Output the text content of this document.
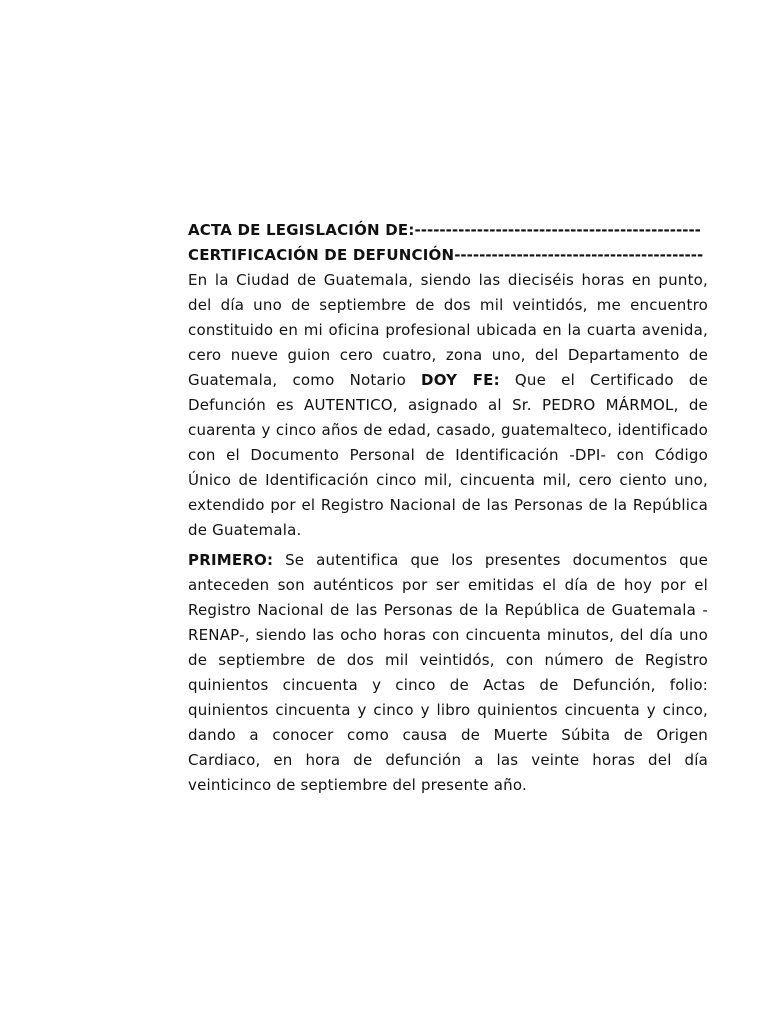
ACTA DE LEGISLACIÓN DE: ----------------------------------------------
CERTIFICACIÓN DE DEFUNCIÓN ----------------------------------------

En la Ciudad de Guatemala, siendo las dieciséis horas en punto, del día uno de septiembre de dos mil veintidós, me encuentro constituido en mi oficina profesional ubicada en la cuarta avenida, cero nueve guion cero cuatro, zona uno, del Departamento de Guatemala, como Notario DOY FE: Que el Certificado de Defunción es AUTENTICO, asignado al Sr. PEDRO MÁRMOL, de cuarenta y cinco años de edad, casado, guatemalteco, identificado con el Documento Personal de Identificación -DPI- con Código Único de Identificación cinco mil, cincuenta mil, cero ciento uno, extendido por el Registro Nacional de las Personas de la República de Guatemala.

PRIMERO: Se autentifica que los presentes documentos que anteceden son auténticos por ser emitidas el día de hoy por el Registro Nacional de las Personas de la República de Guatemala -RENAP-, siendo las ocho horas con cincuenta minutos, del día uno de septiembre de dos mil veintidós, con número de Registro quinientos cincuenta y cinco de Actas de Defunción, folio: quinientos cincuenta y cinco y libro quinientos cincuenta y cinco, dando a conocer como causa de Muerte Súbita de Origen Cardiaco, en hora de defunción a las veinte horas del día veinticinco de septiembre del presente año.
